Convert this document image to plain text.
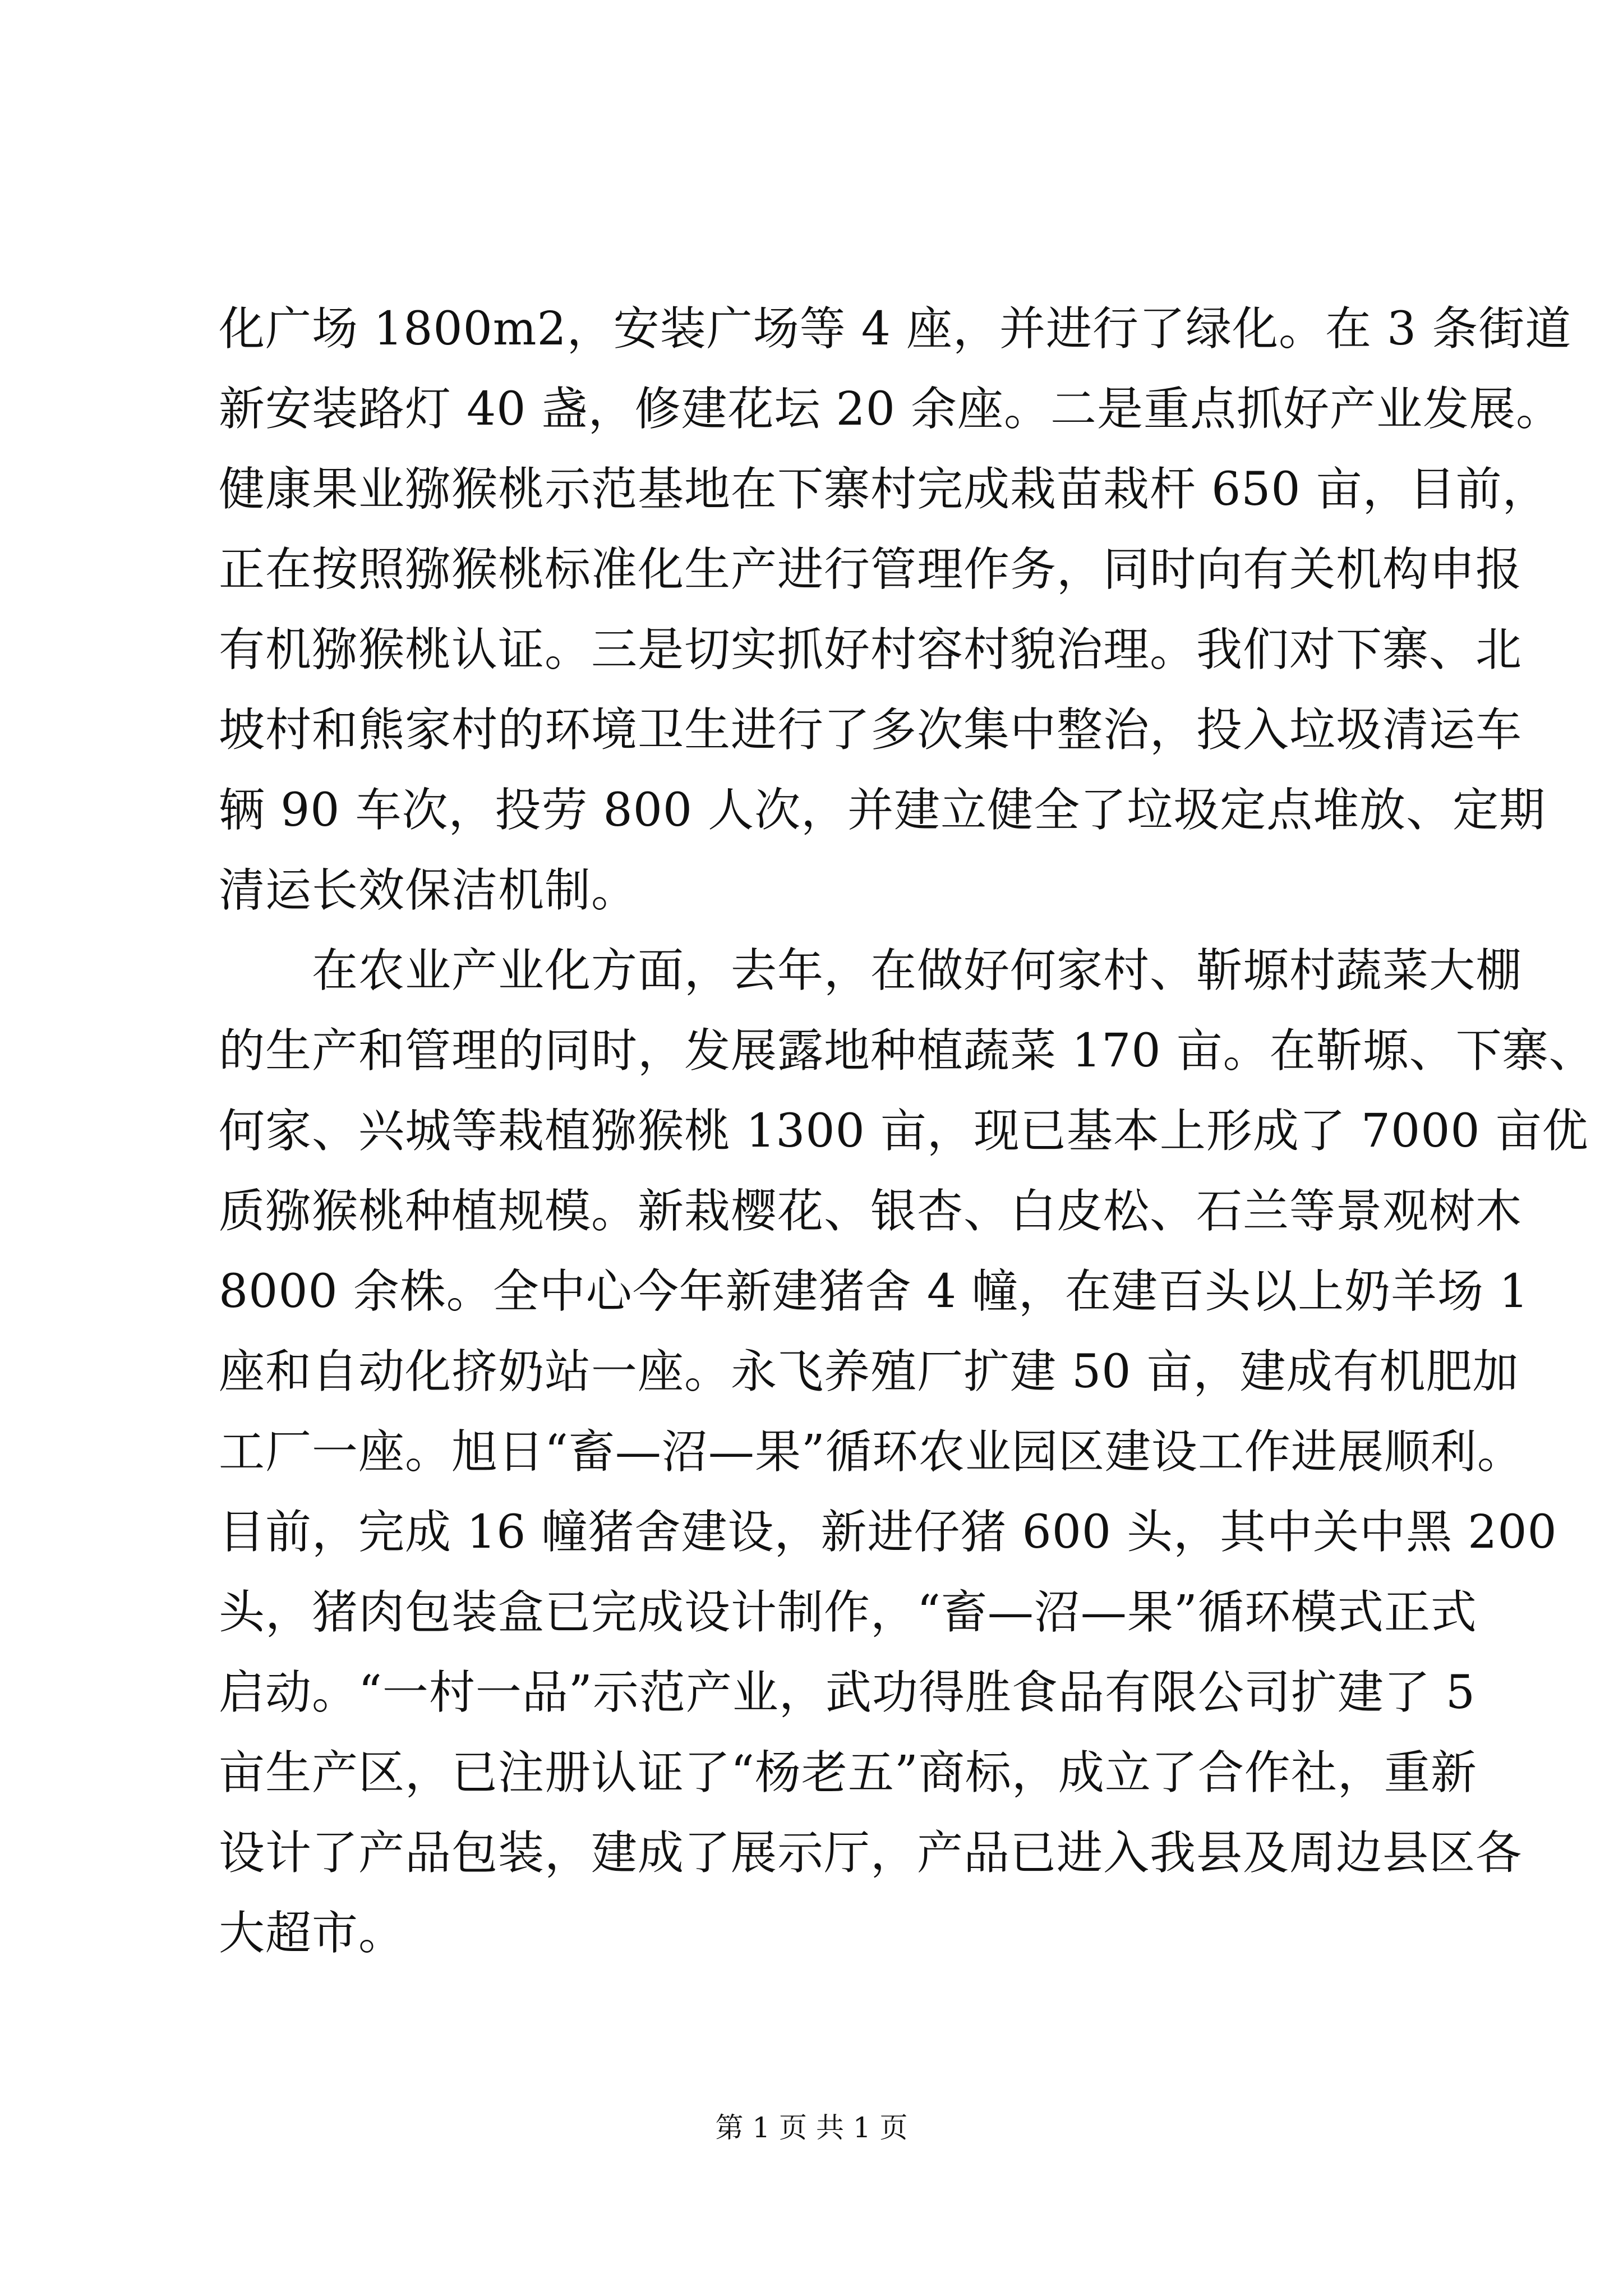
化广场 1800m2，安装广场等 4 座，并进行了绿化。在 3 条街道
新安装路灯 40 盏，修建花坛 20 余座。二是重点抓好产业发展。
健康果业猕猴桃示范基地在下寨村完成栽苗栽杆 650 亩，目前，
正在按照猕猴桃标准化生产进行管理作务，同时向有关机构申报
有机猕猴桃认证。三是切实抓好村容村貌治理。我们对下寨、北
坡村和熊家村的环境卫生进行了多次集中整治，投入垃圾清运车
辆 90 车次，投劳 800 人次，并建立健全了垃圾定点堆放、定期
清运长效保洁机制。
　　在农业产业化方面，去年，在做好何家村、靳塬村蔬菜大棚
的生产和管理的同时，发展露地种植蔬菜 170 亩。在靳塬、下寨、
何家、兴城等栽植猕猴桃 1300 亩，现已基本上形成了 7000 亩优
质猕猴桃种植规模。新栽樱花、银杏、白皮松、石兰等景观树木
8000 余株。全中心今年新建猪舍 4 幢，在建百头以上奶羊场 1
座和自动化挤奶站一座。永飞养殖厂扩建 50 亩，建成有机肥加
工厂一座。旭日“畜—沼—果”循环农业园区建设工作进展顺利。
目前，完成 16 幢猪舍建设，新进仔猪 600 头，其中关中黑 200
头，猪肉包装盒已完成设计制作，“畜—沼—果”循环模式正式
启动。“一村一品”示范产业，武功得胜食品有限公司扩建了 5
亩生产区，已注册认证了“杨老五”商标，成立了合作社，重新
设计了产品包装，建成了展示厅，产品已进入我县及周边县区各
大超市。
第 1 页 共 1 页
